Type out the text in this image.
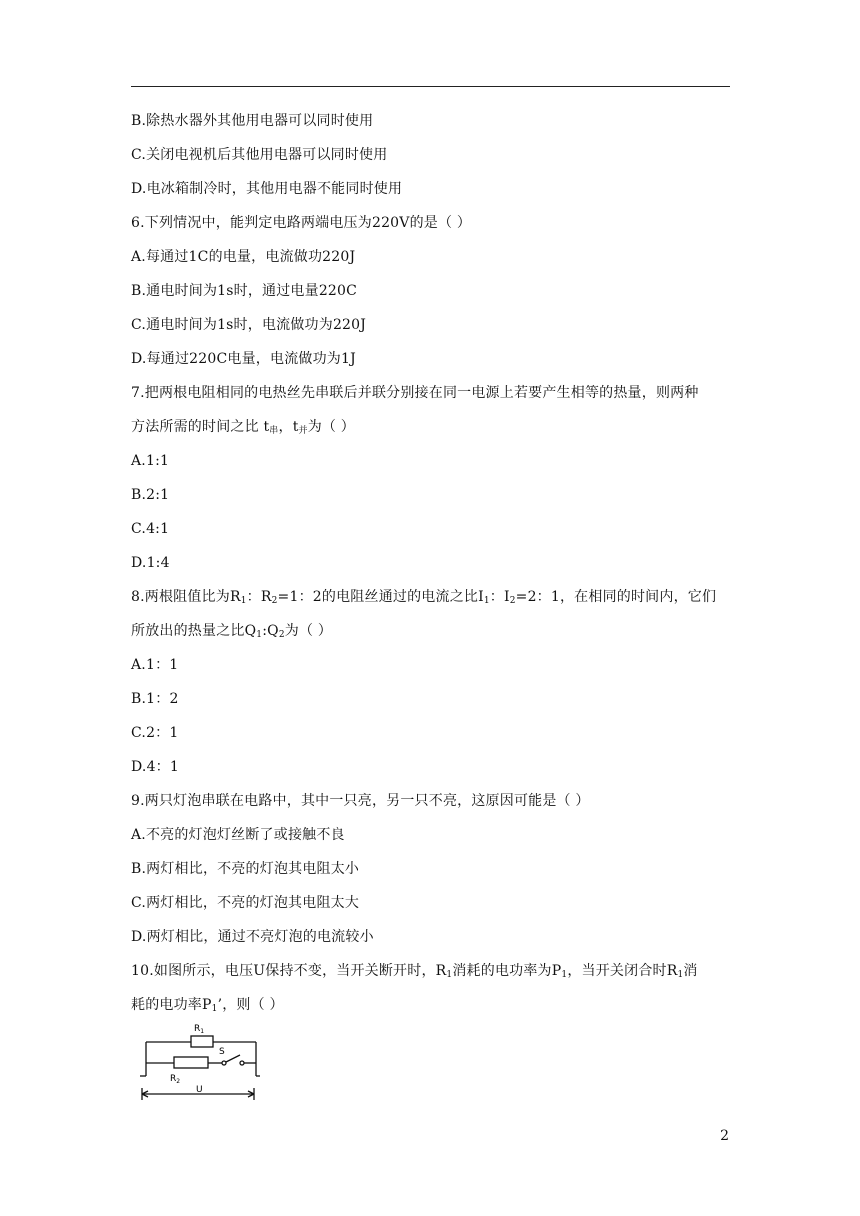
B.除热水器外其他用电器可以同时使用
C.关闭电视机后其他用电器可以同时使用
D.电冰箱制冷时，其他用电器不能同时使用
6.下列情况中，能判定电路两端电压为220V的是（ ）
A.每通过1C的电量，电流做功220J
B.通电时间为1s时，通过电量220C
C.通电时间为1s时，电流做功为220J
D.每通过220C电量，电流做功为1J
7.把两根电阻相同的电热丝先串联后并联分别接在同一电源上若要产生相等的热量，则两种
方法所需的时间之比 $t_串$，$t_并$为（ ）
A.1:1
B.2:1
C.4:1
D.1:4
8.两根阻值比为$R_1$：$R_2=1$：2的电阻丝通过的电流之比$I_1$：$I_2=2$：1，在相同的时间内，它们
所放出的热量之比$Q_1:Q_2$为（ ）
A.1：1
B.1：2
C.2：1
D.4：1
9.两只灯泡串联在电路中，其中一只亮，另一只不亮，这原因可能是（ ）
A.不亮的灯泡灯丝断了或接触不良
B.两灯相比，不亮的灯泡其电阻太小
C.两灯相比，不亮的灯泡其电阻太大
D.两灯相比，通过不亮灯泡的电流较小
10.如图所示，电压U保持不变，当开关断开时，$R_1$消耗的电功率为$P_1$，当开关闭合时$R_1$消
耗的电功率$P_1$’，则（ ）
$R_1$
S
$R_2$
U
2
